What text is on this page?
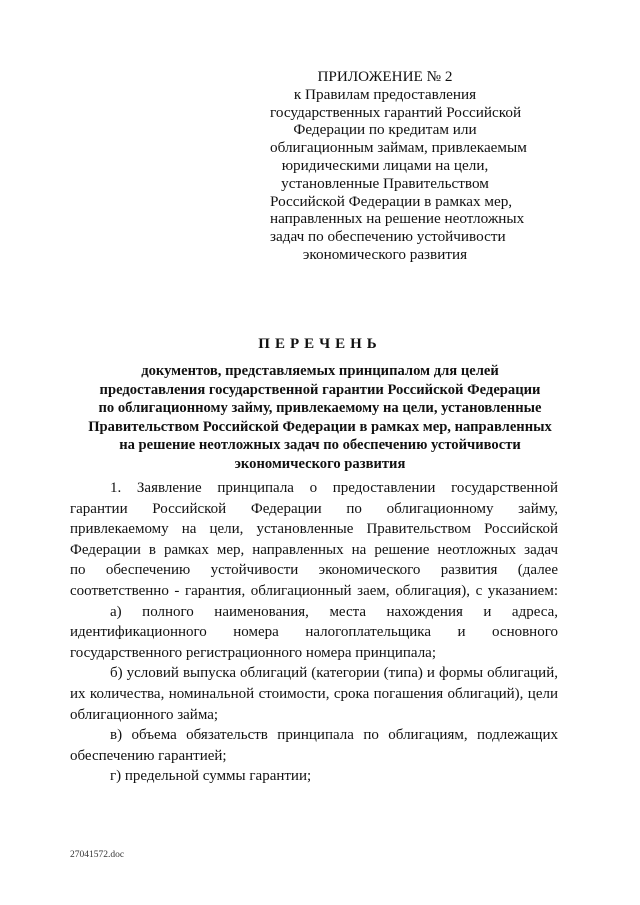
ПРИЛОЖЕНИЕ № 2
к Правилам предоставления
государственных гарантий Российской
Федерации по кредитам или
облигационным займам, привлекаемым
юридическими лицами на цели,
установленные Правительством
Российской Федерации в рамках мер,
направленных на решение неотложных
задач по обеспечению устойчивости
экономического развития
ПЕРЕЧЕНЬ
документов, представляемых принципалом для целей
предоставления государственной гарантии Российской Федерации
по облигационному займу, привлекаемому на цели, установленные
Правительством Российской Федерации в рамках мер, направленных
на решение неотложных задач по обеспечению устойчивости
экономического развития
1. Заявление принципала о предоставлении государственной
гарантии Российской Федерации по облигационному займу,
привлекаемому на цели, установленные Правительством Российской
Федерации в рамках мер, направленных на решение неотложных задач
по обеспечению устойчивости экономического развития (далее
соответственно - гарантия, облигационный заем, облигация), с указанием:
а) полного наименования, места нахождения и адреса,
идентификационного номера налогоплательщика и основного
государственного регистрационного номера принципала;
б) условий выпуска облигаций (категории (типа) и формы облигаций,
их количества, номинальной стоимости, срока погашения облигаций), цели
облигационного займа;
в) объема обязательств принципала по облигациям, подлежащих
обеспечению гарантией;
г) предельной суммы гарантии;
27041572.doc
